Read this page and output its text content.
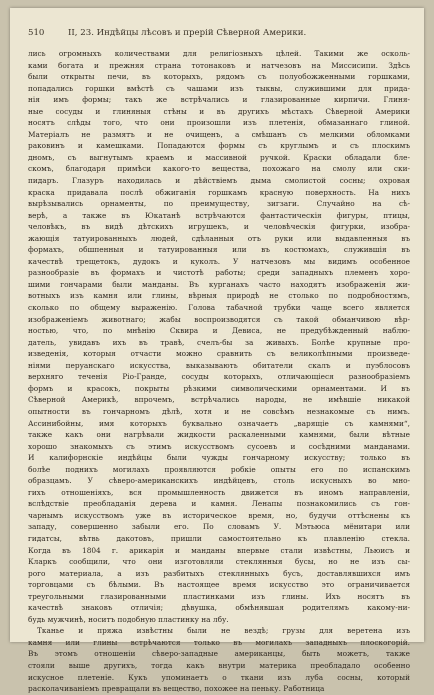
510	II, 23. Индѣйцы лѣсовъ и прерій Сѣверной Америки.
лись огромныхъ количествами для религіозныхъ цѣлей. Такими же осколь-
ками богата и прежняя страна тотонаковъ и натчезовъ на Миссисипи. Здѣсь
были открыты печи, въ которыхъ, рядомъ съ полуобожженными горшками,
попадались горшки вмѣстѣ съ чашами изъ тыквы, служившими для прида-
нія имъ формы; такъ же встрѣчались и глазированные кирпичи. Глиня-
ные сосуды и глиняныя стѣны и въ другихъ мѣстахъ Сѣверной Америки
носятъ слѣды того, что они произошли изъ плетенія, обмазаннаго глиной.
Матеріалъ не размятъ и не очищенъ, а смѣшанъ съ мелкими обломками
раковинъ и камешками. Попадаются формы съ круглымъ и съ плоскимъ
дномъ, съ выгнутымъ краемъ и массивной ручкой. Краски обладали бле-
скомъ, благодаря примѣси какого-то вещества, похожаго на смолу или ски-
пидаръ. Глазуръ находилась и дѣйствіемъ дыма смолистой сосны; охровая
краска придавала послѣ обжиганія горшкамъ красную поверхность. На нихъ
вырѣзывались орнаменты, по преимуществу, зигзаги. Случайно на сѣ-
верѣ, а также въ Юкатанѣ встрѣчаются фантастическія фигуры, птицы,
человѣкъ, въ видѣ дѣтскихъ игрушекъ, и человѣческія фигурки, изобра-
жающія татуированныхъ людей, сдѣланныя отъ руки или выдавленныя въ
формахъ, обшпенныя и татуированныя или въ костюмахъ, служившія въ
качествѣ трещетокъ, дудокъ и куколъ. У натчезовъ мы видимъ особенное
разнообразіе въ формахъ и чистотѣ работы; среди западныхъ племенъ хоро-
шими гончарами были манданы. Въ курганахъ часто находятъ изображенія жи-
вотныхъ изъ камня или глины, вѣрныя природѣ не столько по подробностямъ,
сколько по общему выраженію. Голова табачной трубки чаще всего является
изображеніемъ животнаго; жабы воспроизводятся съ такой обманчивою вѣр-
ностью, что, по мнѣнію Сквира и Девиса, не предубѣжденный наблю-
датель, увидавъ ихъ въ травѣ, счелъ-бы за живыхъ. Болѣе крупные про-
изведенія, которыя отчасти можно сравнить съ великолѣпными произведе-
ніями перуанскаго искусства, выказывають обитатели скалъ и пуэблосовъ
верхняго теченія Ріо-Гранде, сосуды которыхъ, отличающіеся разнообразіемъ
формъ и красокъ, покрыты рѣзкими символическими орнаментами. И въ
Сѣверной Америкѣ, впрочемъ, встрѣчались народы, не имѣвшіе никакой
опытности въ гончарномъ дѣлѣ, хотя и не совсѣмъ незнакомые съ нимъ.
Ассинибойны, имя которыхъ буквально означаетъ „варящіе съ камнями“,
также какъ они нагрѣвали жидкости раскаленными камнями, были вѣтные
хорошо знакомыхъ съ этимъ искусствомъ сусоевъ и сосѣдними манданами.
И калифорнскіе индѣйцы были чужды гончарному искусству; только въ
болѣе поднихъ могилахъ проявляются робкіе опыты его по испанскимъ
образцамъ. У сѣверо-американскихъ индѣйцевъ, столь искусныхъ во мно-
гихъ отношеніяхъ, вся промышленность движется въ иномъ направленіи,
вслѣдствіе преобладанія дерева и камня. Ленапы познакомились съ гон-
чарнымъ искусствомъ уже въ историческое время, но, будучи оттѣснены къ
западу, совершенно забыли его. По словамъ У. Мэтьюса мёнитари или
гидатсы, вѣтвь дакотовъ, пришли самостоятельно къ плавленію стекла.
Когда въ 1804 г. арикарія и манданы впервые стали извѣстны, Льюисъ и
Кларкъ сообщили, что они изготовляли стеклянныя бусы, но не изъ сы-
рого материала, а изъ разбитыхъ стеклянныхъ бусъ, доставлявшихся имъ
торговцами съ бѣлыми. Въ настоящее время искусство это ограничивается
треугольными глазированными пластинками изъ глины. Ихъ носятъ въ
качествѣ знаковъ отличія; дѣвушка, обмѣнявшая родителямъ какому-ни-
будь мужчинѣ, носитъ подобную пластинку на лбу.
Тканье и пряжа извѣстны были не вездѣ; грузы для веретена изъ
камня или глины встрѣчаются только въ могилахъ западныхъ плоскогорій.
Въ этомъ отношеніи сѣверо-западные американцы, быть можетъ, также
стояли выше другихъ, тогда какъ внутри материка преобладало особенно
искусное плетеніе. Кукъ упоминаетъ о ткани изъ луба сосны, который
расколачиваніемъ превращали въ вещество, похожее на пеньку. Работница
